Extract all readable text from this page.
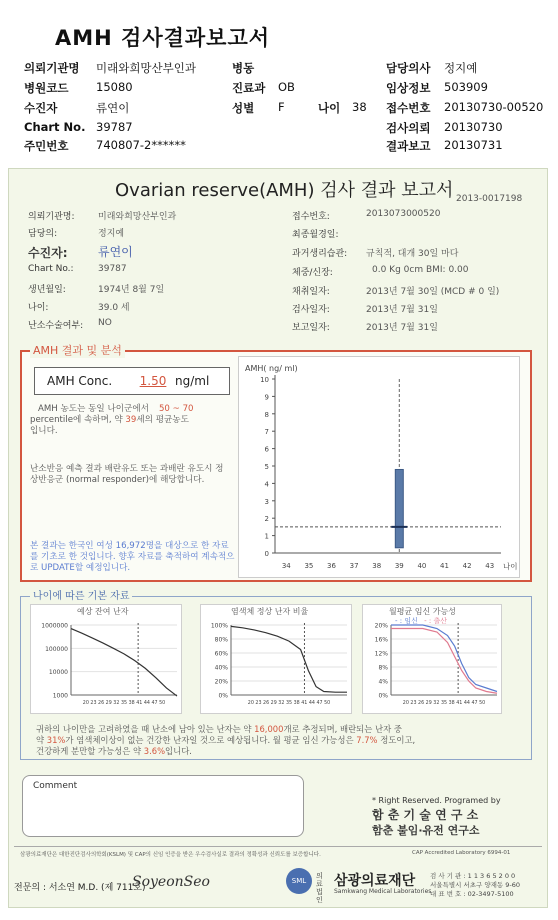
AMH 검사결과보고서
의뢰기관명 미래와희망산부인과	병동	담당의사 정지예
병원코드 15080	진료과 OB	임상정보 503909
수진자	류연이	성별 F	나이 38 접수번호 20130730-00520
Chart No. 39787	검사의뢰 20130730
주민번호 740807-2******	결과보고 20130731
Ovarian reserve(AMH) 검사 결과 보고서 2013-0017198
의뢰기관명:	미래와희망산부인과
담당의:	정지예
수진자:	류연이
Chart No.:	39787
생년월일:	1974년 8월 7일
나이:	39.0 세
난소수술여부: NO
접수번호:	2013073000520
최종월경일:
과거생리습관: 규칙적, 대개 30일 마다
체중/신장:	0.0 Kg 0cm BMI: 0.00
채취일자:	2013년 7월 30일 (MCD # 0 일)
검사일자:	2013년 7월 31일
보고일자:	2013년 7월 31일
AMH 결과 및 분석
AMH Conc.	1.50 ng/ml
AMH 농도는 동일 나이군에서 50 ~ 70
percentile에 속하며, 약 39세의 평균농도
입니다.
난소반응 예측 결과 배란유도 또는 과배란 유도시 정상반응군 (normal responder)에 해당합니다.
본 결과는 한국인 여성 16,972명을 대상으로 한 자료를 기초로 한 것입니다. 향후 자료를 축적하여 계속적으로 UPDATE할 예정입니다.
AMH( ng/ ml)
0
1
2
3
4
5
6
7
8
9
10
34 35 36 37 38 39 40 41 42 43 나이
나이에 따른 기본 자료
예상 잔여 난자
1000000
100000
10000
1000
20 23 26 29 32 35 38 41 44 47 50
염색체 정상 난자 비율
100%
80%
60%
40%
20%
0%
20 23 26 29 32 35 38 41 44 47 50
월평균 임신 가능성
- : 임신 - : 출산
20%
16%
12%
8%
4%
0%
20 23 26 29 32 35 38 41 44 47 50
귀하의 나이만을 고려하였을 때 난소에 남아 있는 난자는 약 16,000개로 추정되며, 배란되는 난자 중
약 31%가 염색체이상이 없는 건강한 난자일 것으로 예상됩니다. 월 평균 임신 가능성은 7.7% 정도이고,
건강하게 분만할 가능성은 약 3.6%입니다.
Comment
* Right Reserved. Programed by
함 춘 기 술 연 구 소
함춘 불임·유전 연구소
삼광의료재단은 대한진단검사의학회(KSLM) 및 CAP의 신임 인증을 받은 우수검사실로 결과의 정확성과 신뢰도를 보증합니다.	CAP Accredited Laboratory 6994-01
전문의 : 서소연 M.D. (제 711호)
SoyeonSeo	SML
의료법인
삼광의료재단
Samkwang Medical Laboratories
검 사 기 관 : 1 1 3 6 5 2 0 0
서울특별시 서초구 양재동 9-60
대 표 번 호 : 02-3497-5100
